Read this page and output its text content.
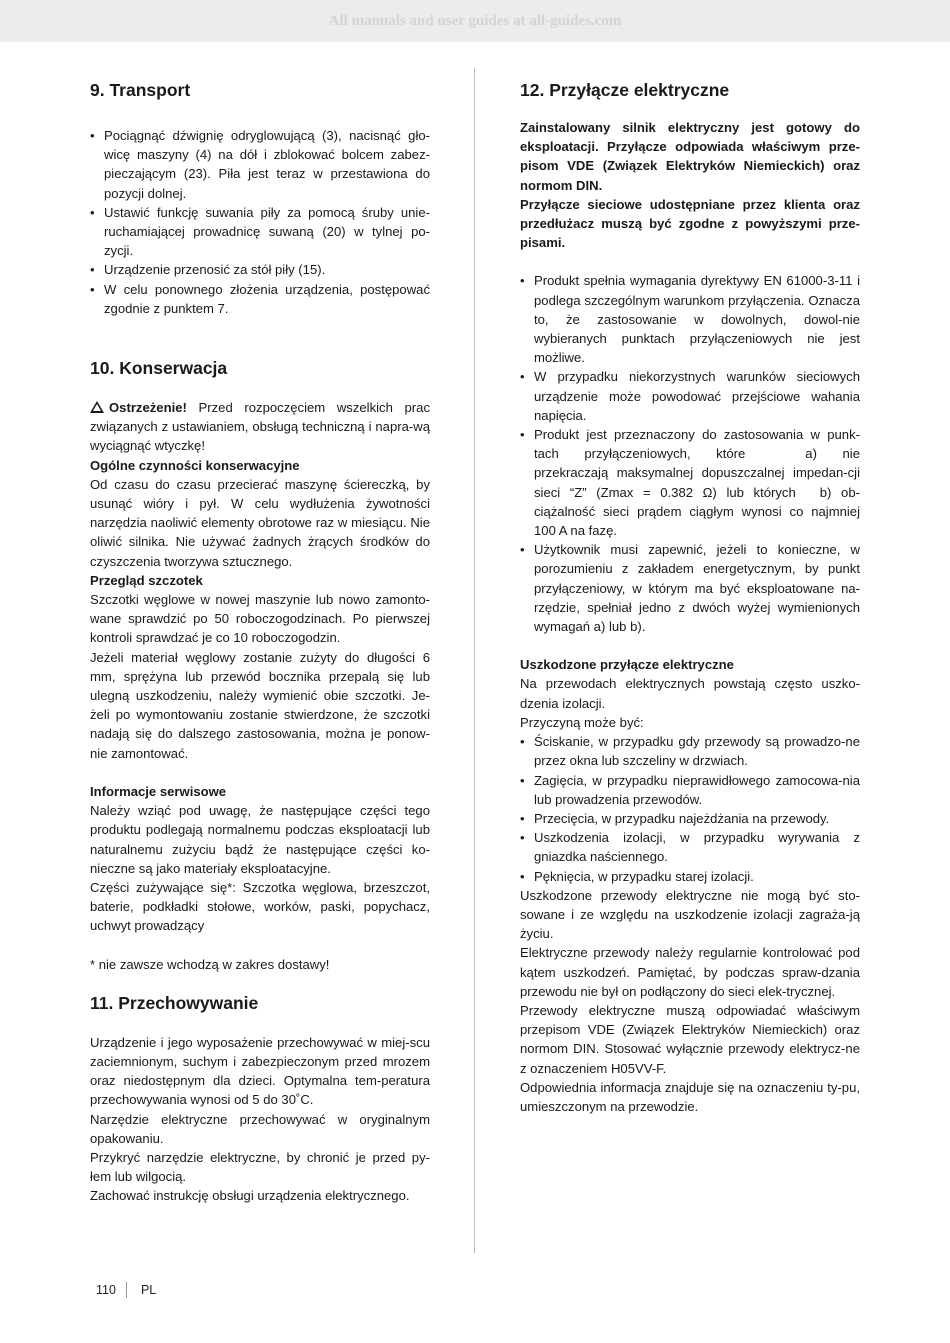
All manuals and user guides at all-guides.com
9. Transport
• Pociągnąć dźwignię odryglowującą (3), nacisnąć gło-wicę maszyny (4) na dół i zblokować bolcem zabez-pieczającym (23). Piła jest teraz w przestawiona do pozycji dolnej.
• Ustawić funkcję suwania piły za pomocą śruby unie-ruchamiającej prowadnicę suwaną (20) w tylnej po-zycji.
• Urządzenie przenosić za stół piły (15).
• W celu ponownego złożenia urządzenia, postępować zgodnie z punktem 7.
10. Konserwacja

Ostrzeżenie! Przed rozpoczęciem wszelkich prac związanych z ustawianiem, obsługą techniczną i napra-wą wyciągnąć wtyczkę!

Ogólne czynności konserwacyjne

Od czasu do czasu przecierać maszynę ściereczką, by usunąć wióry i pył. W celu wydłużenia żywotności narzędzia naoliwić elementy obrotowe raz w miesiącu. Nie oliwić silnika. Nie używać żadnych żrących środków do czyszczenia tworzywa sztucznego.

Przegląd szczotek

Szczotki węglowe w nowej maszynie lub nowo zamonto-wane sprawdzić po 50 roboczogodzinach. Po pierwszej kontroli sprawdzać je co 10 roboczogodzin.

Jeżeli materiał węglowy zostanie zużyty do długości 6 mm, sprężyna lub przewód bocznika przepalą się lub ulegną uszkodzeniu, należy wymienić obie szczotki. Je-żeli po wymontowaniu zostanie stwierdzone, że szczotki nadają się do dalszego zastosowania, można je ponow-nie zamontować.

Informacje serwisowe

Należy wziąć pod uwagę, że następujące części tego produktu podlegają normalnemu podczas eksploatacji lub naturalnemu zużyciu bądź że następujące części ko-nieczne są jako materiały eksploatacyjne.

Części zużywające się*: Szczotka węglowa, brzeszczot, baterie, podkładki stołowe, worków, paski, popychacz, uchwyt prowadzący

* nie zawsze wchodzą w zakres dostawy!

11. Przechowywanie

Urządzenie i jego wyposażenie przechowywać w miej-scu zaciemnionym, suchym i zabezpieczonym przed mrozem oraz niedostępnym dla dzieci. Optymalna tem-peratura przechowywania wynosi od 5 do 30˚C.

Narzędzie elektryczne przechowywać w oryginalnym opakowaniu.

Przykryć narzędzie elektryczne, by chronić je przed py-łem lub wilgocią.

Zachować instrukcję obsługi urządzenia elektrycznego.

12. Przyłącze elektryczne

Zainstalowany silnik elektryczny jest gotowy do eksploatacji. Przyłącze odpowiada właściwym prze-pisom VDE (Związek Elektryków Niemieckich) oraz normom DIN.

Przyłącze sieciowe udostępniane przez klienta oraz przedłużacz muszą być zgodne z powyższymi prze-pisami.

• Produkt spełnia wymagania dyrektywy EN 61000-3-11 i podlega szczególnym warunkom przyłączenia. Oznacza to, że zastosowanie w dowolnych, dowol-nie wybieranych punktach przyłączeniowych nie jest możliwe.
• W przypadku niekorzystnych warunków sieciowych urządzenie może powodować przejściowe wahania napięcia.
• Produkt jest przeznaczony do zastosowania w punk-tach przyłączeniowych, które	a) nie przekraczają maksymalnej dopuszczalnej impedan-cji sieci “Z” (Zmax = 0.382 Ω) lub których b) ob-ciążalność sieci prądem ciągłym wynosi co najmniej 100 A na fazę.
• Użytkownik musi zapewnić, jeżeli to konieczne, w porozumieniu z zakładem energetycznym, by punkt przyłączeniowy, w którym ma być eksploatowane na-rzędzie, spełniał jedno z dwóch wyżej wymienionych wymagań a) lub b).

Uszkodzone przyłącze elektryczne

Na przewodach elektrycznych powstają często uszko-dzenia izolacji.

Przyczyną może być:

• Ściskanie, w przypadku gdy przewody są prowadzo-ne przez okna lub szczeliny w drzwiach.
• Zagięcia, w przypadku nieprawidłowego zamocowa-nia lub prowadzenia przewodów.
• Przecięcia, w przypadku najeżdżania na przewody.
• Uszkodzenia izolacji, w przypadku wyrywania z gniazdka naściennego.
• Pęknięcia, w przypadku starej izolacji.

Uszkodzone przewody elektryczne nie mogą być sto-sowane i ze względu na uszkodzenie izolacji zagraża-ją życiu.

Elektryczne przewody należy regularnie kontrolować pod kątem uszkodzeń. Pamiętać, by podczas spraw-dzania przewodu nie był on podłączony do sieci elek-trycznej.

Przewody elektryczne muszą odpowiadać właściwym przepisom VDE (Związek Elektryków Niemieckich) oraz normom DIN. Stosować wyłącznie przewody elektrycz-ne z oznaczeniem H05VV-F.

Odpowiednia informacja znajduje się na oznaczeniu ty-pu, umieszczonym na przewodzie.

110 PL
